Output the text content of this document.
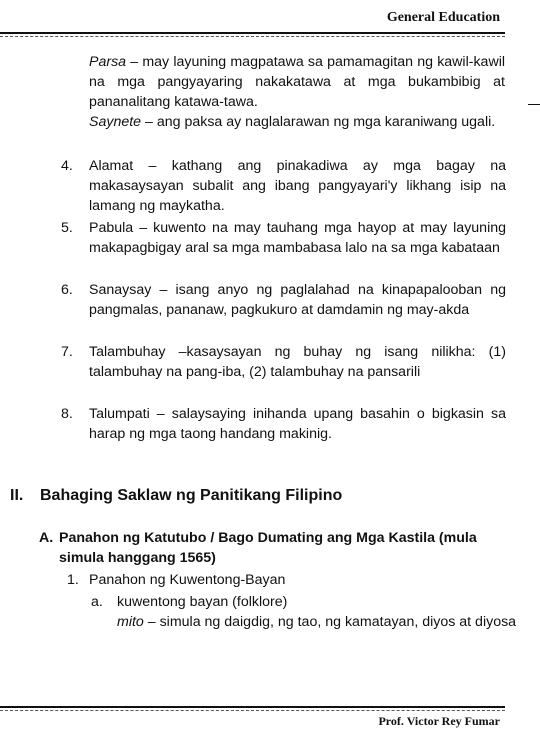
General Education
Parsa – may layuning magpatawa sa pamamagitan ng kawil-kawil na mga pangyayaring nakakatawa at mga bukambibig at pananalitang katawa-tawa.
Saynete – ang paksa ay naglalarawan ng mga karaniwang ugali.
4. Alamat – kathang ang pinakadiwa ay mga bagay na makasaysayan subalit ang ibang pangyayari'y likhang isip na lamang ng maykatha.
5. Pabula – kuwento na may tauhang mga hayop at may layuning makapagbigay aral sa mga mambabasa lalo na sa mga kabataan
6. Sanaysay – isang anyo ng paglalahad na kinapapalooban ng pangmalas, pananaw, pagkukuro at damdamin ng may-akda
7. Talambuhay –kasaysayan ng buhay ng isang nilikha: (1) talambuhay na pang-iba, (2) talambuhay na pansarili
8. Talumpati – salaysaying inihanda upang basahin o bigkasin sa harap ng mga taong handang makinig.
II. Bahaging Saklaw ng Panitikang Filipino
A. Panahon ng Katutubo / Bago Dumating ang Mga Kastila (mula simula hanggang 1565)
1. Panahon ng Kuwentong-Bayan
a. kuwentong bayan (folklore)
mito – simula ng daigdig, ng tao, ng kamatayan, diyos at diyosa
Prof. Victor Rey Fumar
